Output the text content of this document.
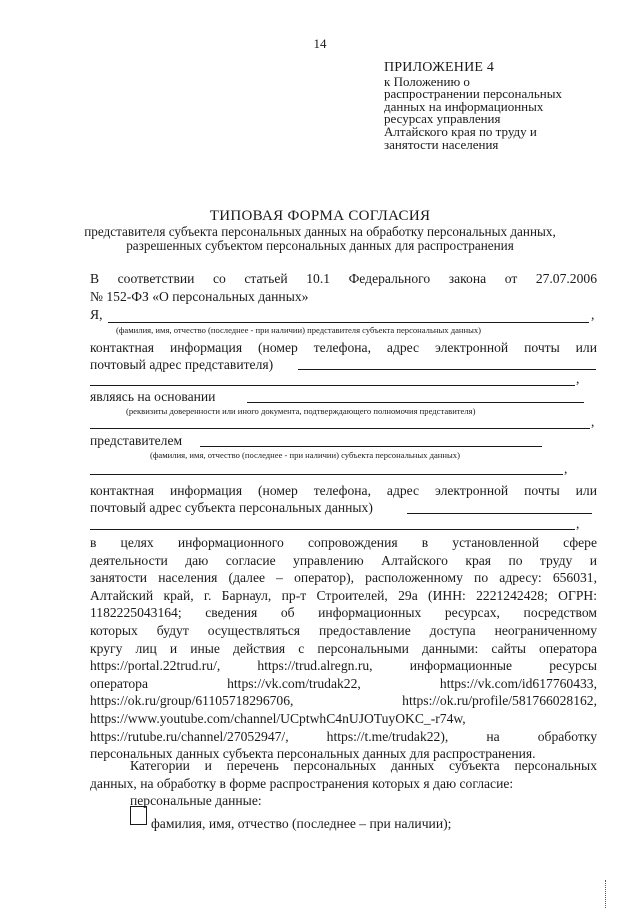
14
ПРИЛОЖЕНИЕ 4
к Положению о
распространении персональных
данных на информационных
ресурсах управления
Алтайского края по труду и
занятости населения
ТИПОВАЯ ФОРМА СОГЛАСИЯ
представителя субъекта персональных данных на обработку персональных данных, разрешенных субъектом персональных данных для распространения
В соответствии со статьей 10.1 Федерального закона от 27.07.2006
№ 152-ФЗ «О персональных данных»
Я,	,
(фамилия, имя, отчество (последнее - при наличии) представителя субъекта персональных данных)
контактная информация (номер телефона, адрес электронной почты или
почтовый адрес представителя)
,
являясь на основании
(реквизиты доверенности или иного документа, подтверждающего полномочия представителя)
,
представителем
(фамилия, имя, отчество (последнее - при наличии) субъекта персональных данных)
,
контактная информация (номер телефона, адрес электронной почты или
почтовый адрес субъекта персональных данных)
,
в целях информационного сопровождения в установленной сфере
деятельности даю согласие управлению Алтайского края по труду и
занятости населения (далее – оператор), расположенному по адресу: 656031,
Алтайский край, г. Барнаул, пр-т Строителей, 29а (ИНН: 2221242428; ОГРН:
1182225043164; сведения об информационных ресурсах, посредством
которых будут осуществляться предоставление доступа неограниченному
кругу лиц и иные действия с персональными данными: сайты оператора
https://portal.22trud.ru/, https://trud.alregn.ru, информационные ресурсы
оператора https://vk.com/trudak22, https://vk.com/id617760433,
https://ok.ru/group/61105718296706, https://ok.ru/profile/581766028162,
https://www.youtube.com/channel/UCptwhC4nUJOTuyOKC_-r74w,
https://rutube.ru/channel/27052947/, https://t.me/trudak22), на обработку
персональных данных субъекта персональных данных для распространения.
Категории и перечень персональных данных субъекта персональных
данных, на обработку в форме распространения которых я даю согласие:
персональные данные:
фамилия, имя, отчество (последнее – при наличии);
